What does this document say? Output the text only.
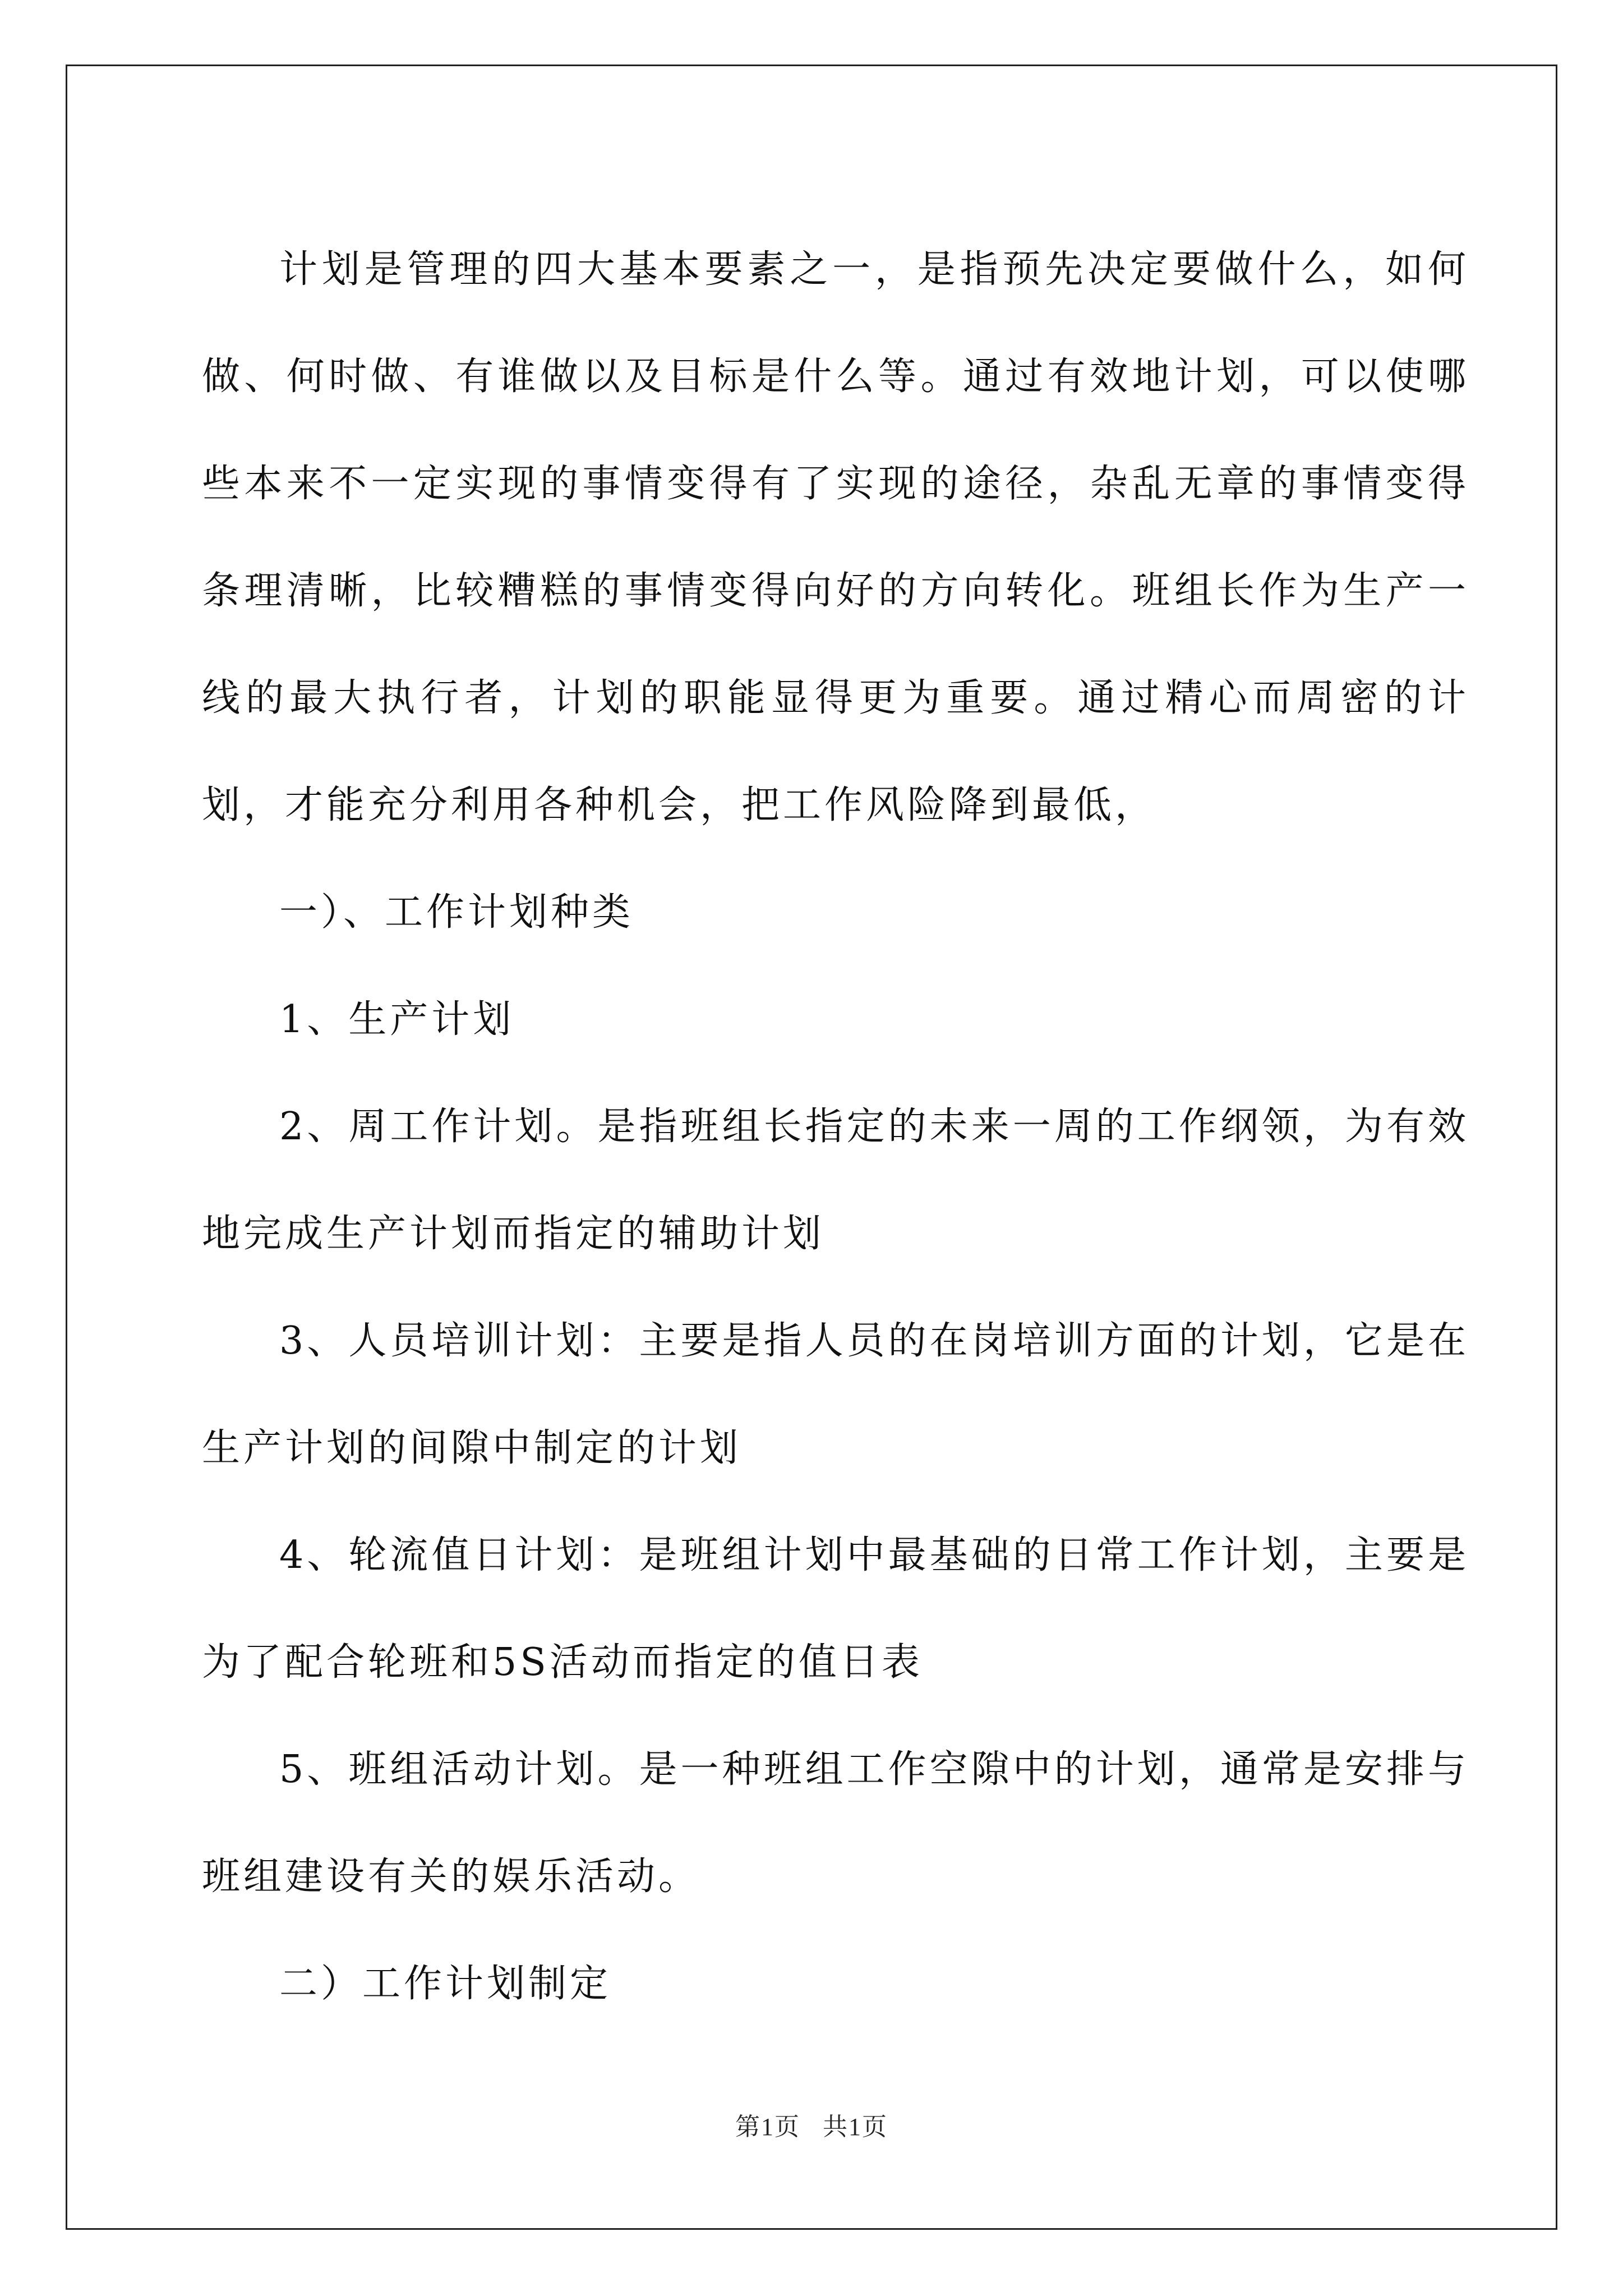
计划是管理的四大基本要素之一，是指预先决定要做什么，如何做、何时做、有谁做以及目标是什么等。通过有效地计划，可以使哪些本来不一定实现的事情变得有了实现的途径，杂乱无章的事情变得条理清晰，比较糟糕的事情变得向好的方向转化。班组长作为生产一线的最大执行者，计划的职能显得更为重要。通过精心而周密的计划，才能充分利用各种机会，把工作风险降到最低，

一）、工作计划种类

1、生产计划

2、周工作计划。是指班组长指定的未来一周的工作纲领，为有效地完成生产计划而指定的辅助计划

3、人员培训计划：主要是指人员的在岗培训方面的计划，它是在生产计划的间隙中制定的计划

4、轮流值日计划：是班组计划中最基础的日常工作计划，主要是为了配合轮班和5S活动而指定的值日表

5、班组活动计划。是一种班组工作空隙中的计划，通常是安排与班组建设有关的娱乐活动。

二）工作计划制定

第1页 共1页
